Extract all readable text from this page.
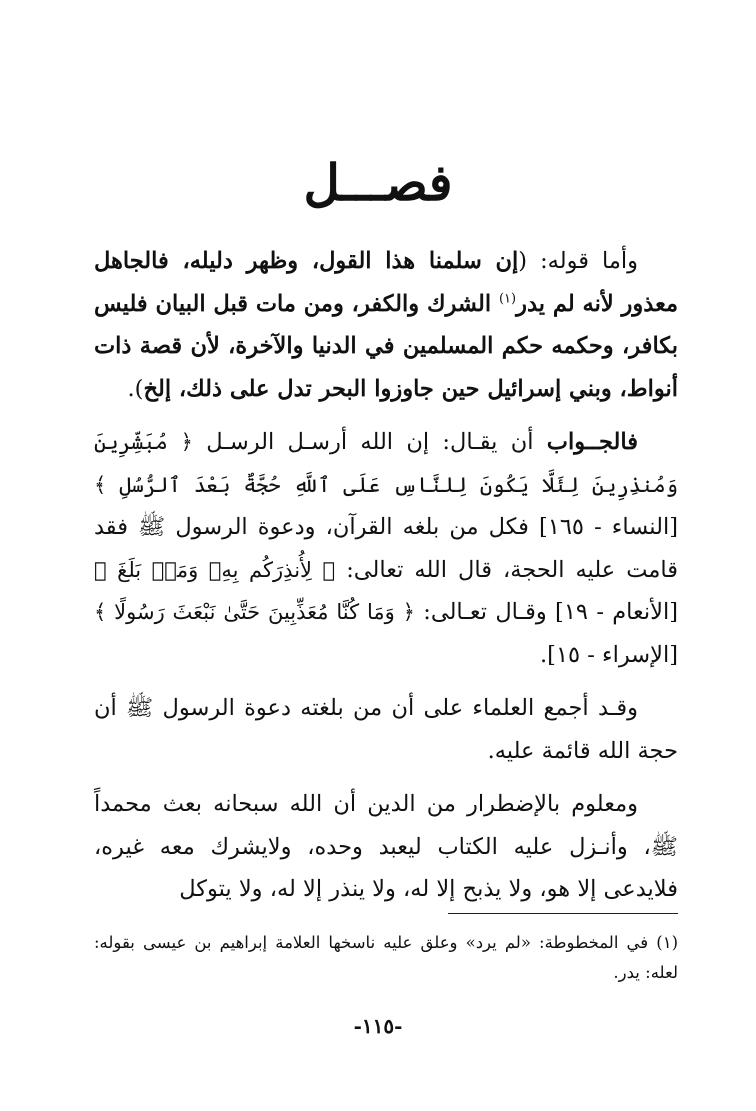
فصـــل

وأما قوله: (إن سلمنا هذا القول، وظهر دليله، فالجاهل معذور لأنه لم يدر$^{(١)}$ الشرك والكفر، ومن مات قبل البيان فليس بكافر، وحكمه حكم المسلمين في الدنيا والآخرة، لأن قصة ذات أنواط، وبني إسرائيل حين جاوزوا البحر تدل على ذلك، إلخ).

فالجــواب أن يقـال: إن الله أرسـل الرسـل ﴿ مُبَشِّرِينَ وَمُنذِرِينَ لِئَلَّا يَكُونَ لِلنَّاسِ عَلَى ٱللَّهِ حُجَّةٌ بَعْدَ ٱلرُّسُلِ ﴾ [النساء - ١٦٥] فكل من بلغه القرآن، ودعوة الرسول ﷺ فقد قامت عليه الحجة، قال الله تعالى: ﴿ لِأُنذِرَكُم بِهِۦ وَمَنۢ بَلَغَ ﴾ [الأنعام - ١٩] وقـال تعـالى: ﴿ وَمَا كُنَّا مُعَذِّبِينَ حَتَّىٰ نَبْعَثَ رَسُولًا ﴾ [الإسراء - ١٥].

وقـد أجمع العلماء على أن من بلغته دعوة الرسول ﷺ أن حجة الله قائمة عليه.

ومعلوم بالإضطرار من الدين أن الله سبحانه بعث محمداً ﷺ، وأنـزل عليه الكتاب ليعبد وحده، ولايشرك معه غيره، فلايدعى إلا هو، ولا يذبح إلا له، ولا ينذر إلا له، ولا يتوكل

(١) في المخطوطة: «لم يرد» وعلق عليه ناسخها العلامة إبراهيم بن عيسى بقوله: لعله: يدر.
-١١٥-
